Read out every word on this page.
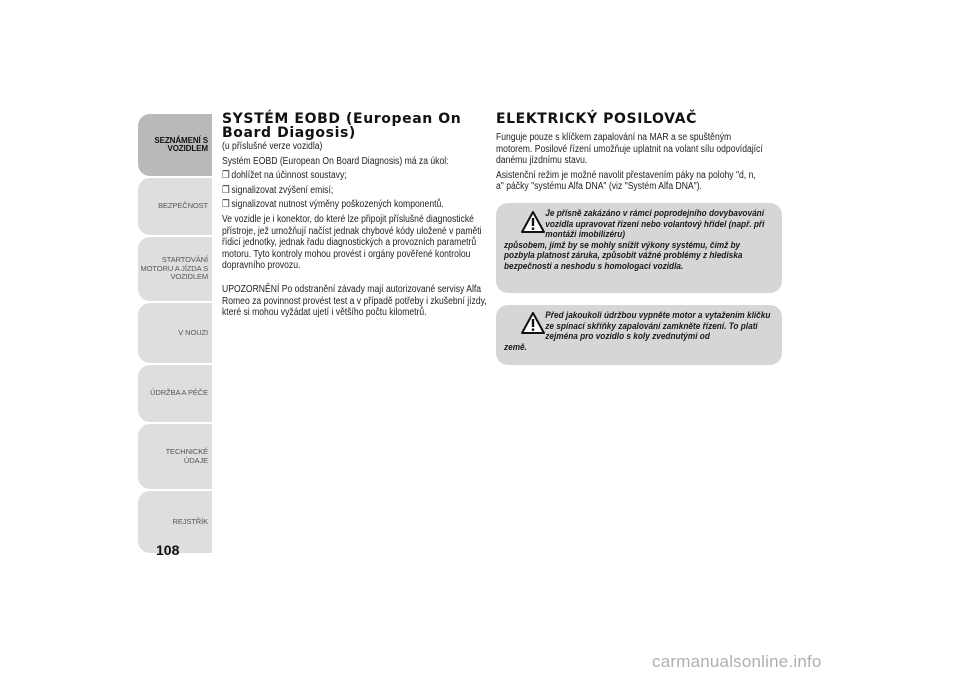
SEZNÁMENÍ S VOZIDLEM
BEZPEČNOST
STARTOVÁNÍ MOTORU A JÍZDA S VOZIDLEM
V NOUZI
ÚDRŽBA A PÉČE
TECHNICKÉ ÚDAJE
REJSTŘÍK
108
SYSTÉM EOBD (European On
Board Diagosis)

(u příslušné verze vozidla)

Systém EOBD (European On Board Diagnosis) má za úkol:

❒ dohlížet na účinnost soustavy;

❒ signalizovat zvýšení emisí;

❒ signalizovat nutnost výměny poškozených komponentů.

Ve vozidle je i konektor, do které lze připojit příslušné diagnostické přístroje, jež umožňují načíst jednak chybové kódy uložené v paměti řídicí jednotky, jednak řadu diagnostických a provozních parametrů motoru. Tyto kontroly mohou provést i orgány pověřené kontrolou dopravního provozu.

UPOZORNĚNÍ Po odstranění závady mají autorizované servisy Alfa Romeo za povinnost provést test a v případě potřeby i zkušební jízdy, které si mohou vyžádat ujetí i většího počtu kilometrů.

ELEKTRICKÝ POSILOVAČ

Funguje pouze s klíčkem zapalování na MAR a se spuštěným motorem. Posilové řízení umožňuje uplatnit na volant sílu odpovídající danému jízdnímu stavu.

Asistenční režim je možné navolit přestavením páky na polohy "d, n, a" páčky "systému Alfa DNA" (viz "Systém Alfa DNA").

Je přísně zakázáno v rámci poprodejního dovybavování vozidla upravovat řízení nebo volantový hřídel (např. při montáži imobilizéru)
způsobem, jímž by se mohly snížit výkony systému, čímž by pozbyla platnost záruka, způsobit vážné problémy z hlediska bezpečnosti a neshodu s homologací vozidla.
Před jakoukoli údržbou vypněte motor a vytažením klíčku ze spínací skříňky zapalování zamkněte řízení. To platí zejména pro vozidlo s koly zvednutými od
země.
carmanualsonline.info
